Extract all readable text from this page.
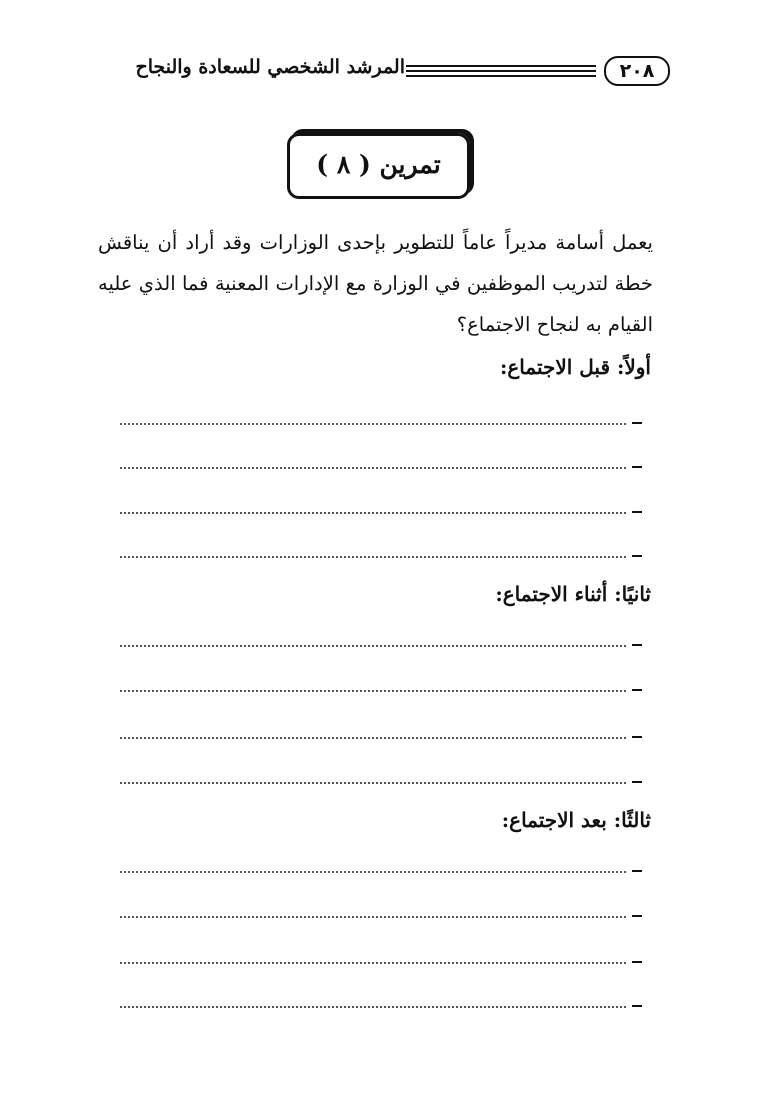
٢٠٨
المرشد الشخصي للسعادة والنجاح
تمرين ( ٨ )
يعمل أسامة مديراً عاماً للتطوير بإحدى الوزارات وقد أراد أن يناقش خطة لتدريب الموظفين في الوزارة مع الإدارات المعنية فما الذي عليه القيام به لنجاح الاجتماع؟
أولاً: قبل الاجتماع:
ثانيًا: أثناء الاجتماع:
ثالثًا: بعد الاجتماع:
